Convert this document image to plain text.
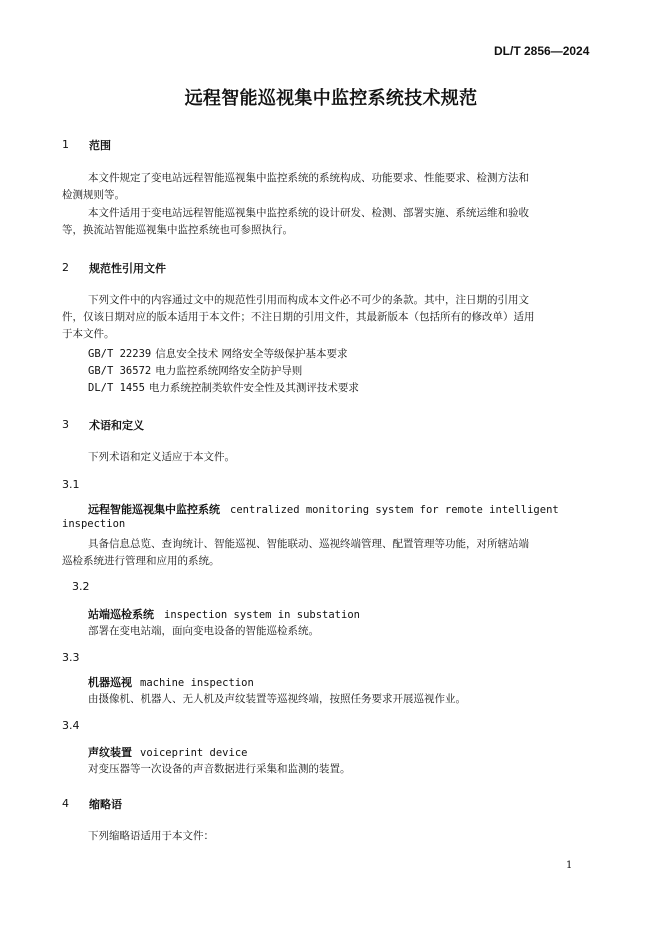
DL/T 2856—2024
远程智能巡视集中监控系统技术规范
1 范围
本文件规定了变电站远程智能巡视集中监控系统的系统构成、功能要求、性能要求、检测方法和
检测规则等。
本文件适用于变电站远程智能巡视集中监控系统的设计研发、检测、部署实施、系统运维和验收
等，换流站智能巡视集中监控系统也可参照执行。
2 规范性引用文件
下列文件中的内容通过文中的规范性引用而构成本文件必不可少的条款。其中，注日期的引用文
件，仅该日期对应的版本适用于本文件；不注日期的引用文件，其最新版本（包括所有的修改单）适用
于本文件。
GB/T 22239 信息安全技术 网络安全等级保护基本要求
GB/T 36572 电力监控系统网络安全防护导则
DL/T 1455 电力系统控制类软件安全性及其测评技术要求
3 术语和定义
下列术语和定义适应于本文件。
3.1
远程智能巡视集中监控系统 centralized monitoring system for remote intelligent
inspection
具备信息总览、查询统计、智能巡视、智能联动、巡视终端管理、配置管理等功能，对所辖站端
巡检系统进行管理和应用的系统。
3.2
站端巡检系统 inspection system in substation
部署在变电站端，面向变电设备的智能巡检系统。
3.3
机器巡视 machine inspection
由摄像机、机器人、无人机及声纹装置等巡视终端，按照任务要求开展巡视作业。
3.4
声纹装置 voiceprint device
对变压器等一次设备的声音数据进行采集和监测的装置。
4 缩略语
下列缩略语适用于本文件：
1
